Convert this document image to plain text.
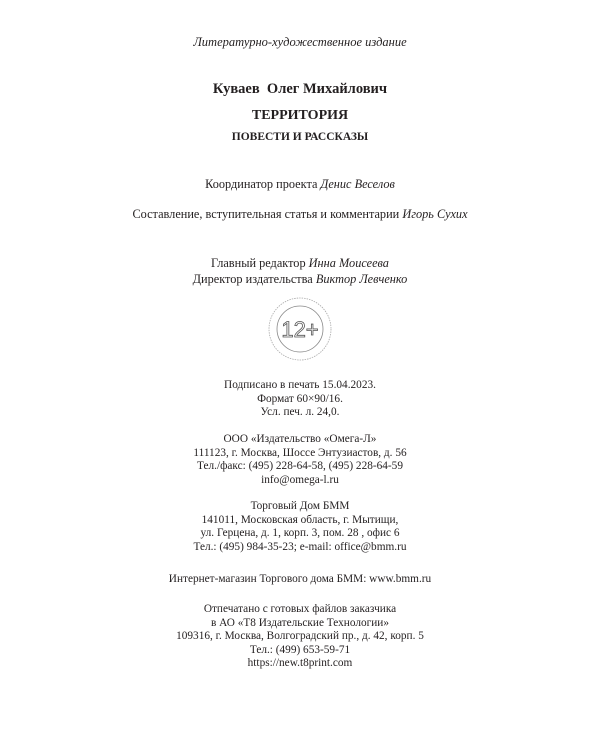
Литературно-художественное издание
Куваев  Олег Михайлович
ТЕРРИТОРИЯ
ПОВЕСТИ И РАССКАЗЫ
Координатор проекта Денис Веселов
Составление, вступительная статья и комментарии Игорь Сухих
Главный редактор Инна Моисеева
Директор издательства Виктор Левченко
12+
Подписано в печать 15.04.2023.
Формат 60×90/16.
Усл. печ. л. 24,0.
ООО «Издательство «Омега-Л»
111123, г. Москва, Шоссе Энтузиастов, д. 56
Тел./факс: (495) 228-64-58, (495) 228-64-59
info@omega-l.ru
Торговый Дом БММ
141011, Московская область, г. Мытищи,
ул. Герцена, д. 1, корп. 3, пом. 28 , офис 6
Тел.: (495) 984-35-23; e-mail: office@bmm.ru
Интернет-магазин Торгового дома БММ: www.bmm.ru
Отпечатано с готовых файлов заказчика
в АО «Т8 Издательские Технологии»
109316, г. Москва, Волгоградский пр., д. 42, корп. 5
Тел.: (499) 653-59-71
https://new.t8print.com
